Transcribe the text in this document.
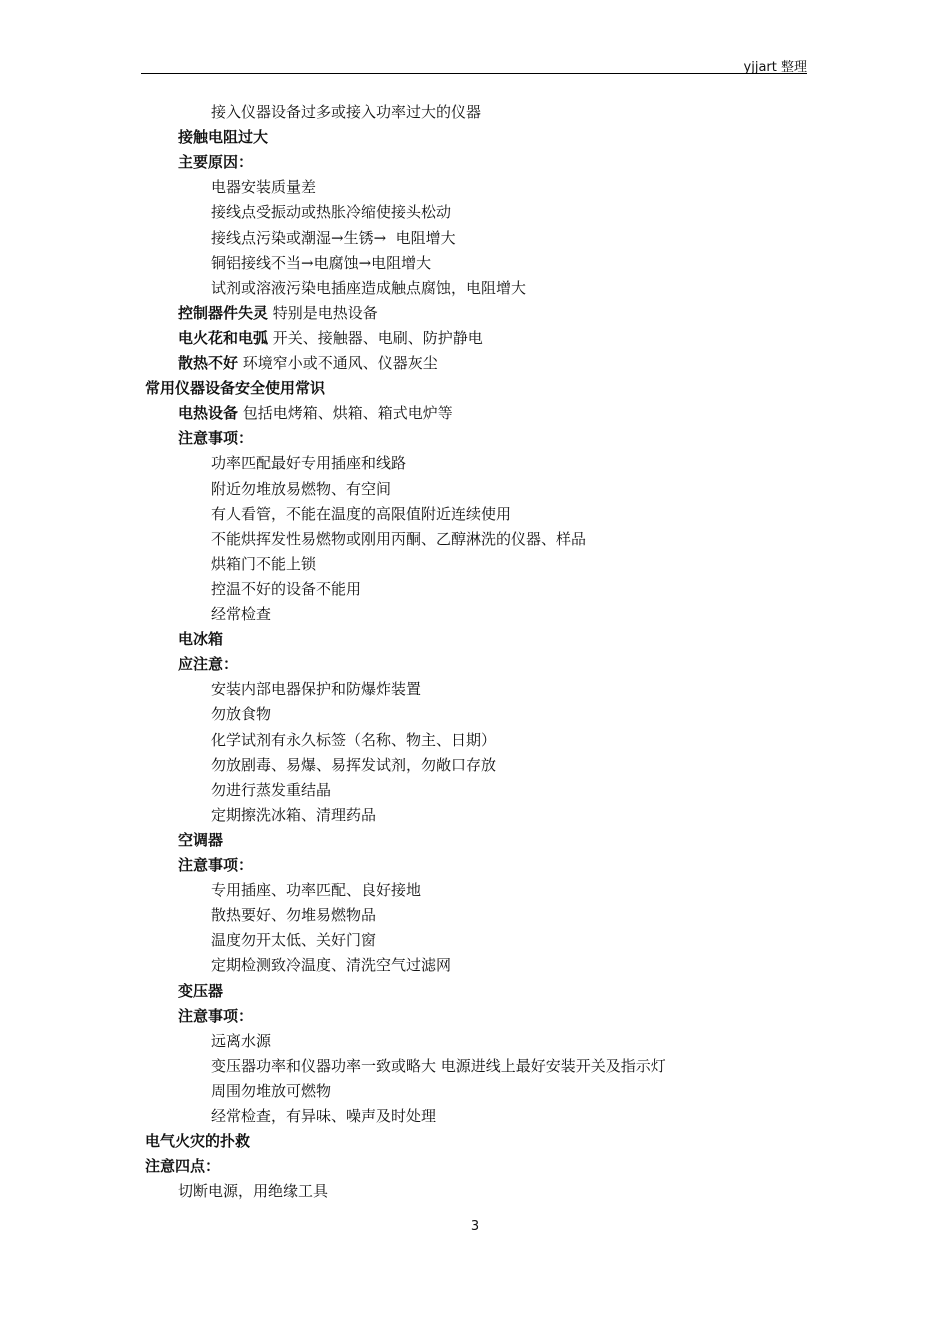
yjjart 整理
接入仪器设备过多或接入功率过大的仪器
接触电阻过大
主要原因：
电器安装质量差
接线点受振动或热胀冷缩使接头松动
接线点污染或潮湿→生锈→  电阻增大
铜铝接线不当→电腐蚀→电阻增大
试剂或溶液污染电插座造成触点腐蚀，电阻增大
控制器件失灵 特别是电热设备
电火花和电弧 开关、接触器、电刷、防护静电
散热不好 环境窄小或不通风、仪器灰尘
常用仪器设备安全使用常识
电热设备 包括电烤箱、烘箱、箱式电炉等
注意事项：
功率匹配最好专用插座和线路
附近勿堆放易燃物、有空间
有人看管，不能在温度的高限值附近连续使用
不能烘挥发性易燃物或刚用丙酮、乙醇淋洗的仪器、样品
烘箱门不能上锁
控温不好的设备不能用
经常检查
电冰箱
应注意：
安装内部电器保护和防爆炸装置
勿放食物
化学试剂有永久标签（名称、物主、日期）
勿放剧毒、易爆、易挥发试剂，勿敞口存放
勿进行蒸发重结晶
定期擦洗冰箱、清理药品
空调器
注意事项：
专用插座、功率匹配、良好接地
散热要好、勿堆易燃物品
温度勿开太低、关好门窗
定期检测致冷温度、清洗空气过滤网
变压器
注意事项：
远离水源
变压器功率和仪器功率一致或略大 电源进线上最好安装开关及指示灯
周围勿堆放可燃物
经常检查，有异味、噪声及时处理
电气火灾的扑救
注意四点：
切断电源，用绝缘工具
3
